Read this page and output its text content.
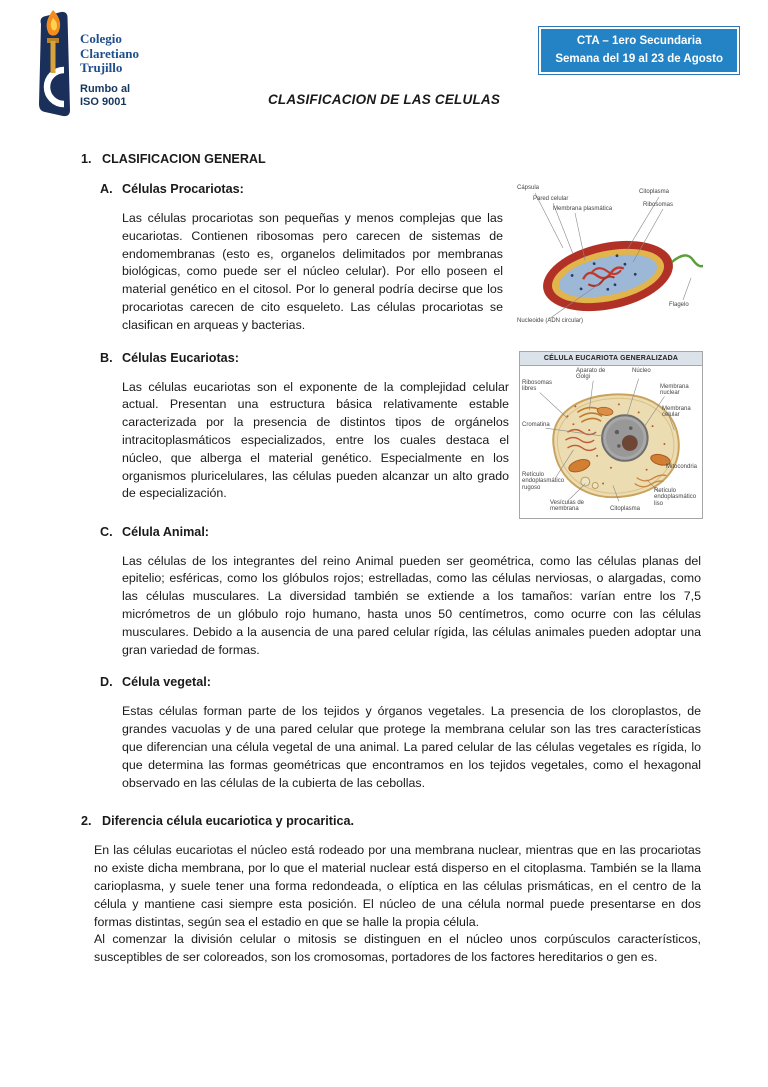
Colegio
Claretiano
Trujillo
Rumbo al
ISO 9001
CTA – 1ero Secundaria
Semana del 19 al 23 de Agosto
CLASIFICACION DE LAS CELULAS
1. CLASIFICACION GENERAL
A. Células Procariotas:	Cápsula
Pared celular
Membrana plasmática
Citoplasma
Ribosomas
Nucleoide (ADN circular)
Flagelo

Las células procariotas son pequeñas y menos complejas que las eucariotas. Contienen ribosomas pero carecen de sistemas de endomembranas (esto es, organelos delimitados por membranas biológicas, como puede ser el núcleo celular). Por ello poseen el material genético en el citosol. Por lo general podría decirse que los procariotas carecen de cito esqueleto. Las células procariotas se clasifican en arqueas y bacterias.

CÉLULA EUCARIOTA GENERALIZADA
Ribosomas libres
Aparato de Golgi
Núcleo
Membrana nuclear
Membrana celular
Cromatina
Mitocondria
Retículo endoplasmático rugoso
Vesículas de membrana	Citoplasma
Retículo endoplasmático liso
B. Células Eucariotas:

Las células eucariotas son el exponente de la complejidad celular actual. Presentan una estructura básica relativamente estable caracterizada por la presencia de distintos tipos de orgánelos intracitoplasmáticos especializados, entre los cuales destaca el núcleo, que alberga el material genético. Especialmente en los organismos pluricelulares, las células pueden alcanzar un alto grado de especialización.

C. Célula Animal:

Las células de los integrantes del reino Animal pueden ser geométrica, como las células planas del epitelio; esféricas, como los glóbulos rojos; estrelladas, como las células nerviosas, o alargadas, como las células musculares. La diversidad también se extiende a los tamaños: varían entre los 7,5 micrómetros de un glóbulo rojo humano, hasta unos 50 centímetros, como ocurre con las células musculares. Debido a la ausencia de una pared celular rígida, las células animales pueden adoptar una gran variedad de formas.

D. Célula vegetal:

Estas células forman parte de los tejidos y órganos vegetales. La presencia de los cloroplastos, de grandes vacuolas y de una pared celular que protege la membrana celular son las tres características que diferencian una célula vegetal de una animal. La pared celular de las células vegetales es rígida, lo que determina las formas geométricas que encontramos en los tejidos vegetales, como el hexagonal observado en las células de la cubierta de las cebollas.

2. Diferencia célula eucariotica y procaritica.

En las células eucariotas el núcleo está rodeado por una membrana nuclear, mientras que en las procariotas no existe dicha membrana, por lo que el material nuclear está disperso en el citoplasma. También se la llama carioplasma, y suele tener una forma redondeada, o elíptica en las células prismáticas, en el centro de la célula y mantiene casi siempre esta posición. El núcleo de una célula normal puede presentarse en dos formas distintas, según sea el estadio en que se halle la propia célula.

Al comenzar la división celular o mitosis se distinguen en el núcleo unos corpúsculos característicos, susceptibles de ser coloreados, son los cromosomas, portadores de los factores hereditarios o gen es.
